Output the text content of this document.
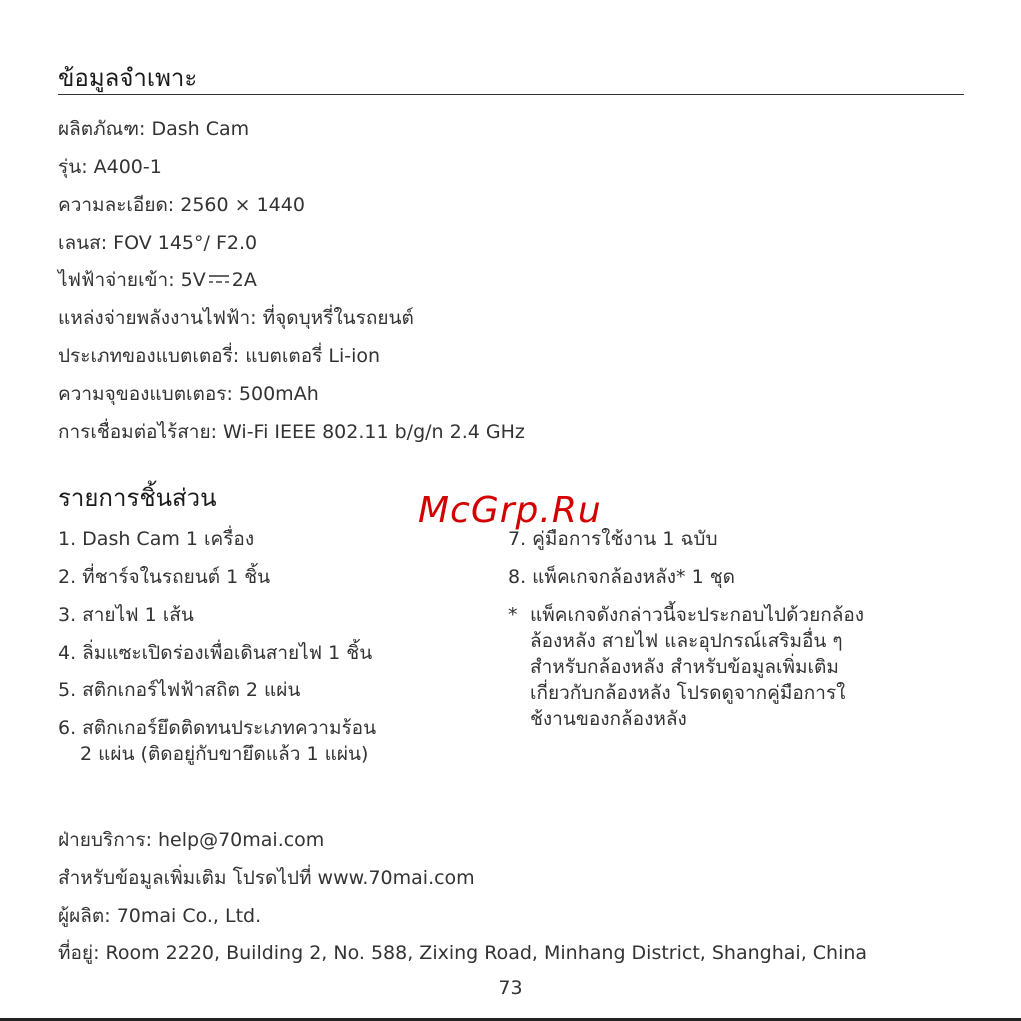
ข้อมูลจำเพาะ
ผลิตภัณฑ: Dash Cam
รุ่น: A400-1
ความละเอียด: 2560 × 1440
เลนส: FOV 145°/ F2.0
ไฟฟ้าจ่ายเข้า: 5V 2A
แหล่งจ่ายพลังงานไฟฟ้า: ที่จุดบุหรี่ในรถยนต์
ประเภทของแบตเตอรี่: แบตเตอรี่ Li-ion
ความจุของแบตเตอร: 500mAh
การเชื่อมต่อไร้สาย: Wi-Fi IEEE 802.11 b/g/n 2.4 GHz
รายการชิ้นส่วน
1. Dash Cam 1 เครื่อง
2. ที่ชาร์จในรถยนต์ 1 ชิ้น
3. สายไฟ 1 เส้น
4. ลิ่มแซะเปิดร่องเพื่อเดินสายไฟ 1 ชิ้น
5. สติกเกอร์ไฟฟ้าสถิต 2 แผ่น
6. สติกเกอร์ยึดติดทนประเภทความร้อน
2 แผ่น (ติดอยู่กับขายึดแล้ว 1 แผ่น)
7. คู่มือการใช้งาน 1 ฉบับ
8. แพ็คเกจกล้องหลัง* 1 ชุด
* แพ็คเกจดังกล่าวนี้จะประกอบไปด้วยกล้อง
ล้องหลัง สายไฟ และอุปกรณ์เสริมอื่น ๆ
สำหรับกล้องหลัง สำหรับข้อมูลเพิ่มเติม
เกี่ยวกับกล้องหลัง โปรดดูจากคู่มือการใ
ช้งานของกล้องหลัง
McGrp.Ru
ฝ่ายบริการ: help@70mai.com
สำหรับข้อมูลเพิ่มเติม โปรดไปที่ www.70mai.com
ผู้ผลิต: 70mai Co., Ltd.
ที่อยู่: Room 2220, Building 2, No. 588, Zixing Road, Minhang District, Shanghai, China
73
